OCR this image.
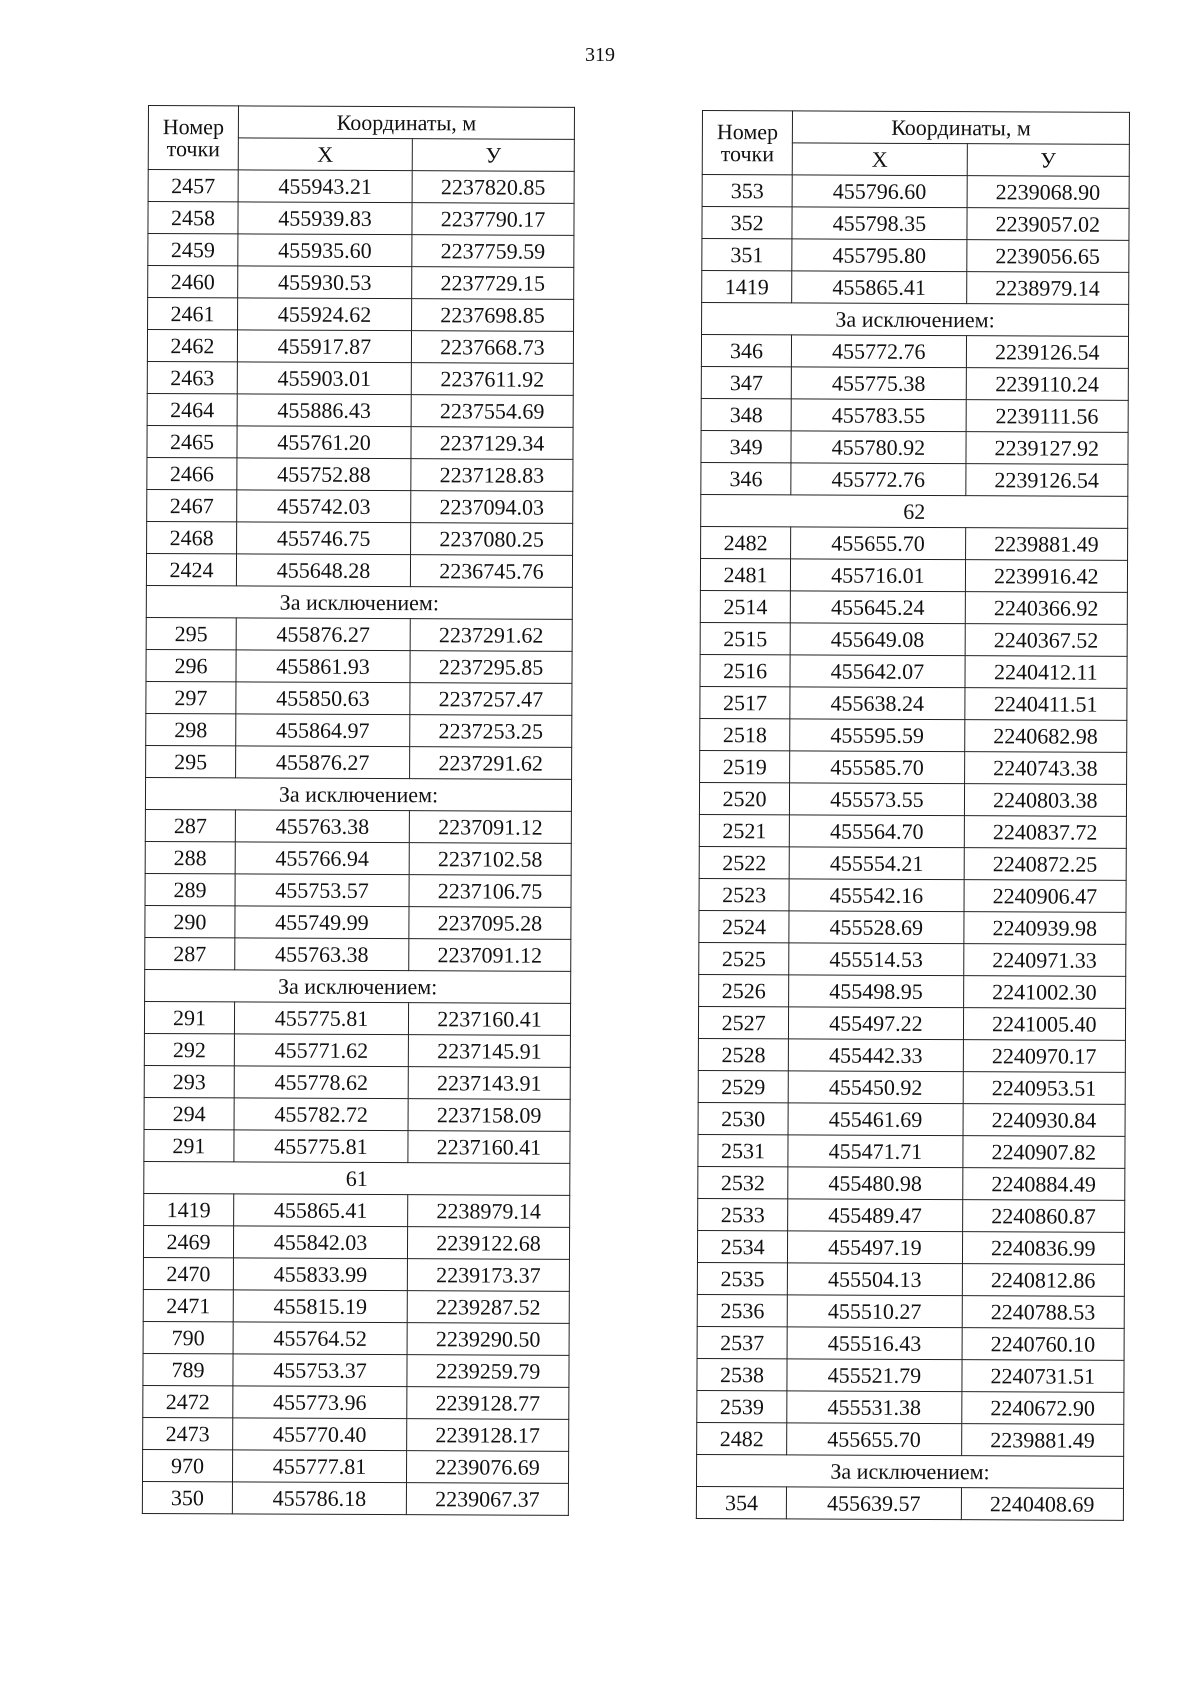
319
Номер
точки	Координаты, м	
	X	У
2457	455943.21	2237820.85
2458	455939.83	2237790.17
2459	455935.60	2237759.59
2460	455930.53	2237729.15
2461	455924.62	2237698.85
2462	455917.87	2237668.73
2463	455903.01	2237611.92
2464	455886.43	2237554.69
2465	455761.20	2237129.34
2466	455752.88	2237128.83
2467	455742.03	2237094.03
2468	455746.75	2237080.25
2424	455648.28	2236745.76
За исключением:		
295	455876.27	2237291.62
296	455861.93	2237295.85
297	455850.63	2237257.47
298	455864.97	2237253.25
295	455876.27	2237291.62
За исключением:		
287	455763.38	2237091.12
288	455766.94	2237102.58
289	455753.57	2237106.75
290	455749.99	2237095.28
287	455763.38	2237091.12
За исключением:		
291	455775.81	2237160.41
292	455771.62	2237145.91
293	455778.62	2237143.91
294	455782.72	2237158.09
291	455775.81	2237160.41
61		
1419	455865.41	2238979.14
2469	455842.03	2239122.68
2470	455833.99	2239173.37
2471	455815.19	2239287.52
790	455764.52	2239290.50
789	455753.37	2239259.79
2472	455773.96	2239128.77
2473	455770.40	2239128.17
970	455777.81	2239076.69
350	455786.18	2239067.37
Номер
точки	Координаты, м	
	X	У
353	455796.60	2239068.90
352	455798.35	2239057.02
351	455795.80	2239056.65
1419	455865.41	2238979.14
За исключением:		
346	455772.76	2239126.54
347	455775.38	2239110.24
348	455783.55	2239111.56
349	455780.92	2239127.92
346	455772.76	2239126.54
62		
2482	455655.70	2239881.49
2481	455716.01	2239916.42
2514	455645.24	2240366.92
2515	455649.08	2240367.52
2516	455642.07	2240412.11
2517	455638.24	2240411.51
2518	455595.59	2240682.98
2519	455585.70	2240743.38
2520	455573.55	2240803.38
2521	455564.70	2240837.72
2522	455554.21	2240872.25
2523	455542.16	2240906.47
2524	455528.69	2240939.98
2525	455514.53	2240971.33
2526	455498.95	2241002.30
2527	455497.22	2241005.40
2528	455442.33	2240970.17
2529	455450.92	2240953.51
2530	455461.69	2240930.84
2531	455471.71	2240907.82
2532	455480.98	2240884.49
2533	455489.47	2240860.87
2534	455497.19	2240836.99
2535	455504.13	2240812.86
2536	455510.27	2240788.53
2537	455516.43	2240760.10
2538	455521.79	2240731.51
2539	455531.38	2240672.90
2482	455655.70	2239881.49
За исключением:		
354	455639.57	2240408.69
